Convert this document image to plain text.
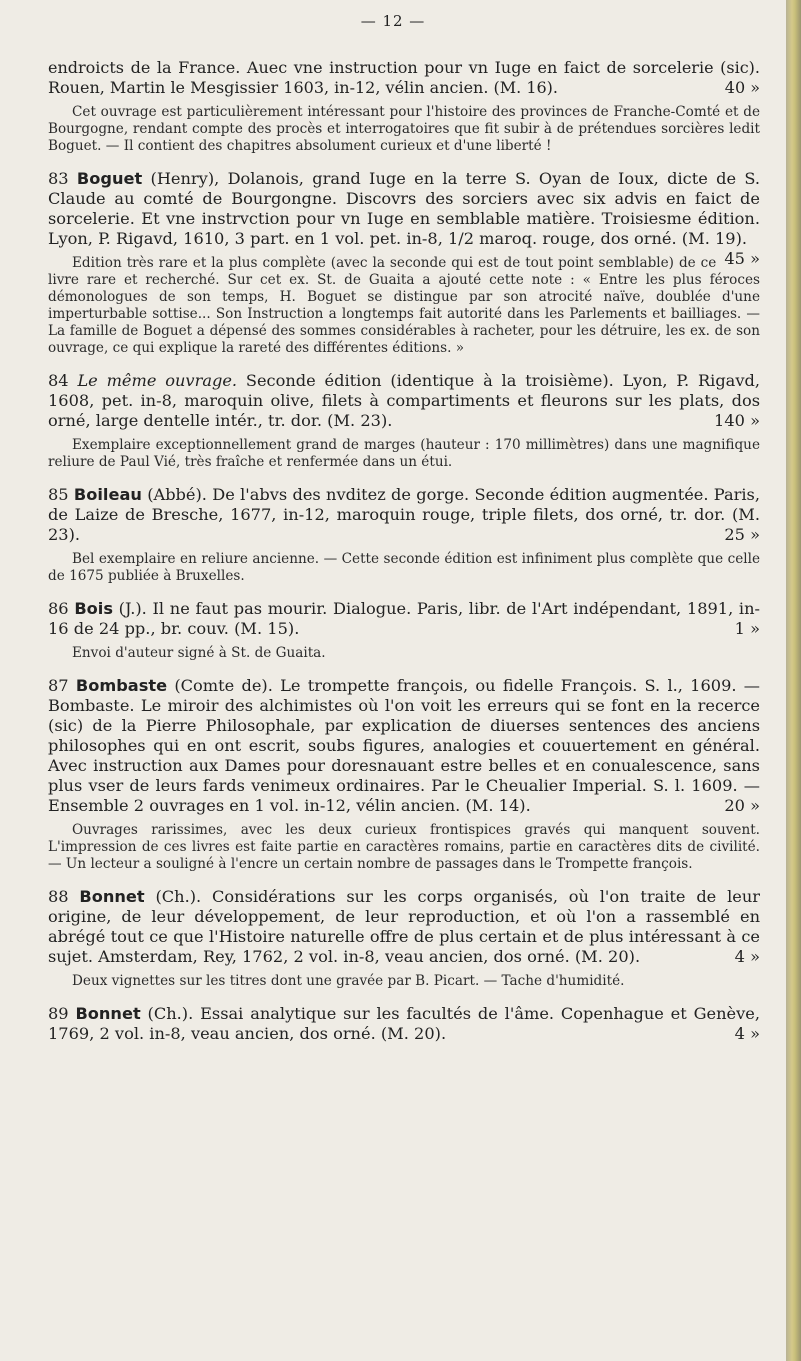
— 12 —

endroicts de la France. Auec vne instruction pour vn Iuge en faict de sorcelerie (sic). Rouen, Martin le Mesgissier 1603, in-12, vélin ancien. (M. 16).	40 »

Cet ouvrage est particulièrement intéressant pour l'histoire des provinces de Franche-Comté et de Bourgogne, rendant compte des procès et interrogatoires que fit subir à de prétendues sorcières ledit Boguet. — Il contient des chapitres absolument curieux et d'une liberté !

83 Boguet (Henry), Dolanois, grand Iuge en la terre S. Oyan de Ioux, dicte de S. Claude au comté de Bourgongne. Discovrs des sorciers avec six advis en faict de sorcelerie. Et vne instrvction pour vn Iuge en semblable matière. Troisiesme édition. Lyon, P. Rigavd, 1610, 3 part. en 1 vol. pet. in-8, 1/2 maroq. rouge, dos orné. (M. 19).
45 »

Edition très rare et la plus complète (avec la seconde qui est de tout point semblable) de ce livre rare et recherché. Sur cet ex. St. de Guaita a ajouté cette note : « Entre les plus féroces démonologues de son temps, H. Boguet se distingue par son atrocité naïve, doublée d'une imperturbable sottise... Son Instruction a longtemps fait autorité dans les Parlements et bailliages. — La famille de Boguet a dépensé des sommes considérables à racheter, pour les détruire, les ex. de son ouvrage, ce qui explique la rareté des différentes éditions. »

84 Le même ouvrage. Seconde édition (identique à la troisième). Lyon, P. Rigavd, 1608, pet. in-8, maroquin olive, filets à compartiments et fleurons sur les plats, dos orné, large dentelle intér., tr. dor. (M. 23).	140 »

Exemplaire exceptionnellement grand de marges (hauteur : 170 millimètres) dans une magnifique reliure de Paul Vié, très fraîche et renfermée dans un étui.

85 Boileau (Abbé). De l'abvs des nvditez de gorge. Seconde édition augmentée. Paris, de Laize de Bresche, 1677, in-12, maroquin rouge, triple filets, dos orné, tr. dor. (M. 23).	25 »

Bel exemplaire en reliure ancienne. — Cette seconde édition est infiniment plus complète que celle de 1675 publiée à Bruxelles.

86 Bois (J.). Il ne faut pas mourir. Dialogue. Paris, libr. de l'Art indépendant, 1891, in-16 de 24 pp., br. couv. (M. 15).	1 »

Envoi d'auteur signé à St. de Guaita.

87 Bombaste (Comte de). Le trompette françois, ou fidelle François. S. l., 1609. — Bombaste. Le miroir des alchimistes où l'on voit les erreurs qui se font en la recerce (sic) de la Pierre Philosophale, par explication de diuerses sentences des anciens philosophes qui en ont escrit, soubs figures, analogies et couuertement en général. Avec instruction aux Dames pour doresnauant estre belles et en conualescence, sans plus vser de leurs fards venimeux ordinaires. Par le Cheualier Imperial. S. l. 1609. — Ensemble 2 ouvrages en 1 vol. in-12, vélin ancien. (M. 14).	20 »

Ouvrages rarissimes, avec les deux curieux frontispices gravés qui manquent souvent. L'impression de ces livres est faite partie en caractères romains, partie en caractères dits de civilité. — Un lecteur a souligné à l'encre un certain nombre de passages dans le Trompette françois.

88 Bonnet (Ch.). Considérations sur les corps organisés, où l'on traite de leur origine, de leur développement, de leur reproduction, et où l'on a rassemblé en abrégé tout ce que l'Histoire naturelle offre de plus certain et de plus intéressant à ce sujet. Amsterdam, Rey, 1762, 2 vol. in-8, veau ancien, dos orné. (M. 20).	4 »

Deux vignettes sur les titres dont une gravée par B. Picart. — Tache d'humidité.

89 Bonnet (Ch.). Essai analytique sur les facultés de l'âme. Copenhague et Genève, 1769, 2 vol. in-8, veau ancien, dos orné. (M. 20).	4 »
